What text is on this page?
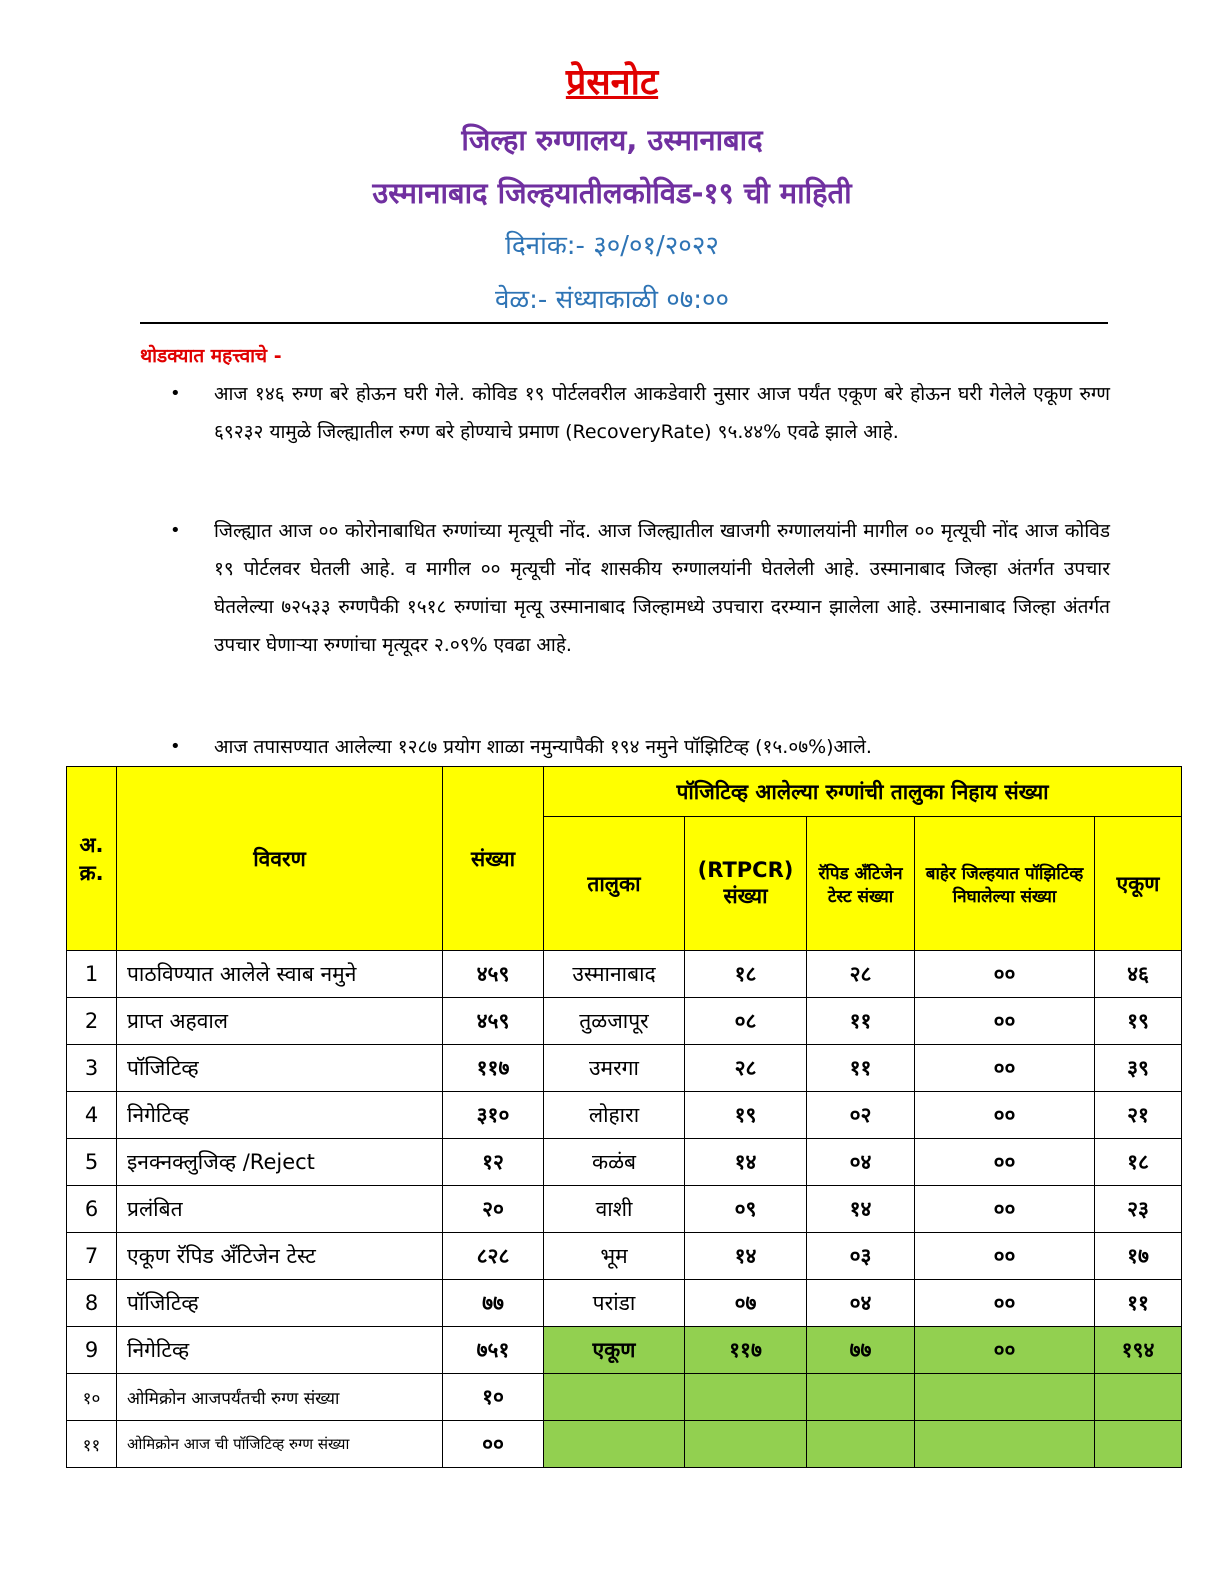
प्रेसनोट
जिल्हा रुग्णालय, उस्मानाबाद
उस्मानाबाद जिल्हयातीलकोविड-१९ ची माहिती
दिनांक:- ३०/०१/२०२२
वेळ:- संध्याकाळी ०७:००
थोडक्यात महत्त्वाचे -
•	आज १४६ रुग्ण बरे होऊन घरी गेले. कोविड १९ पोर्टलवरील आकडेवारी नुसार आज पर्यंत एकूण बरे होऊन घरी गेलेले एकूण रुग्ण ६९२३२ यामुळे जिल्ह्यातील रुग्ण बरे होण्याचे प्रमाण (RecoveryRate) ९५.४४% एवढे झाले आहे.
•	जिल्ह्यात आज ०० कोरोनाबाधित रुग्णांच्या मृत्यूची नोंद. आज जिल्ह्यातील खाजगी रुग्णालयांनी मागील ०० मृत्यूची नोंद आज कोविड १९ पोर्टलवर घेतली आहे. व मागील ०० मृत्यूची नोंद शासकीय रुग्णालयांनी घेतलेली आहे. उस्मानाबाद जिल्हा अंतर्गत उपचार घेतलेल्या ७२५३३ रुग्णपैकी १५१८ रुग्णांचा मृत्यू उस्मानाबाद जिल्हामध्ये उपचारा दरम्यान झालेला आहे. उस्मानाबाद जिल्हा अंतर्गत उपचार घेणाऱ्या रुग्णांचा मृत्यूदर २.०९% एवढा आहे.
•	आज तपासण्यात आलेल्या १२८७ प्रयोग शाळा नमुन्यापैकी १९४ नमुने पॉझिटिव्ह (१५.०७%)आले.
अ. क्र.	विवरण	संख्या	पॉजिटिव्ह आलेल्या रुग्णांची तालुका निहाय संख्या				
			तालुका	(RTPCR) संख्या	रॅपिड अँटिजेन टेस्ट संख्या	बाहेर जिल्हयात पॉझिटिव्ह निघालेल्या संख्या	एकूण
1	पाठविण्यात आलेले स्वाब नमुने	४५९	उस्मानाबाद	१८	२८	००	४६
2	प्राप्त अहवाल	४५९	तुळजापूर	०८	११	००	१९
3	पॉजिटिव्ह	११७	उमरगा	२८	११	००	३९
4	निगेटिव्ह	३१०	लोहारा	१९	०२	००	२१
5	इनक्नक्लुजिव्ह /Reject	१२	कळंब	१४	०४	००	१८
6	प्रलंबित	२०	वाशी	०९	१४	००	२३
7	एकूण रॅपिड अँटिजेन टेस्ट	८२८	भूम	१४	०३	००	१७
8	पॉजिटिव्ह	७७	परांडा	०७	०४	००	११
9	निगेटिव्ह	७५१	एकूण	११७	७७	००	१९४
१०	ओमिक्रोन आजपर्यंतची रुग्ण संख्या	१०					
११	ओमिक्रोन आज ची पॉजिटिव्ह रुग्ण संख्या	००					
